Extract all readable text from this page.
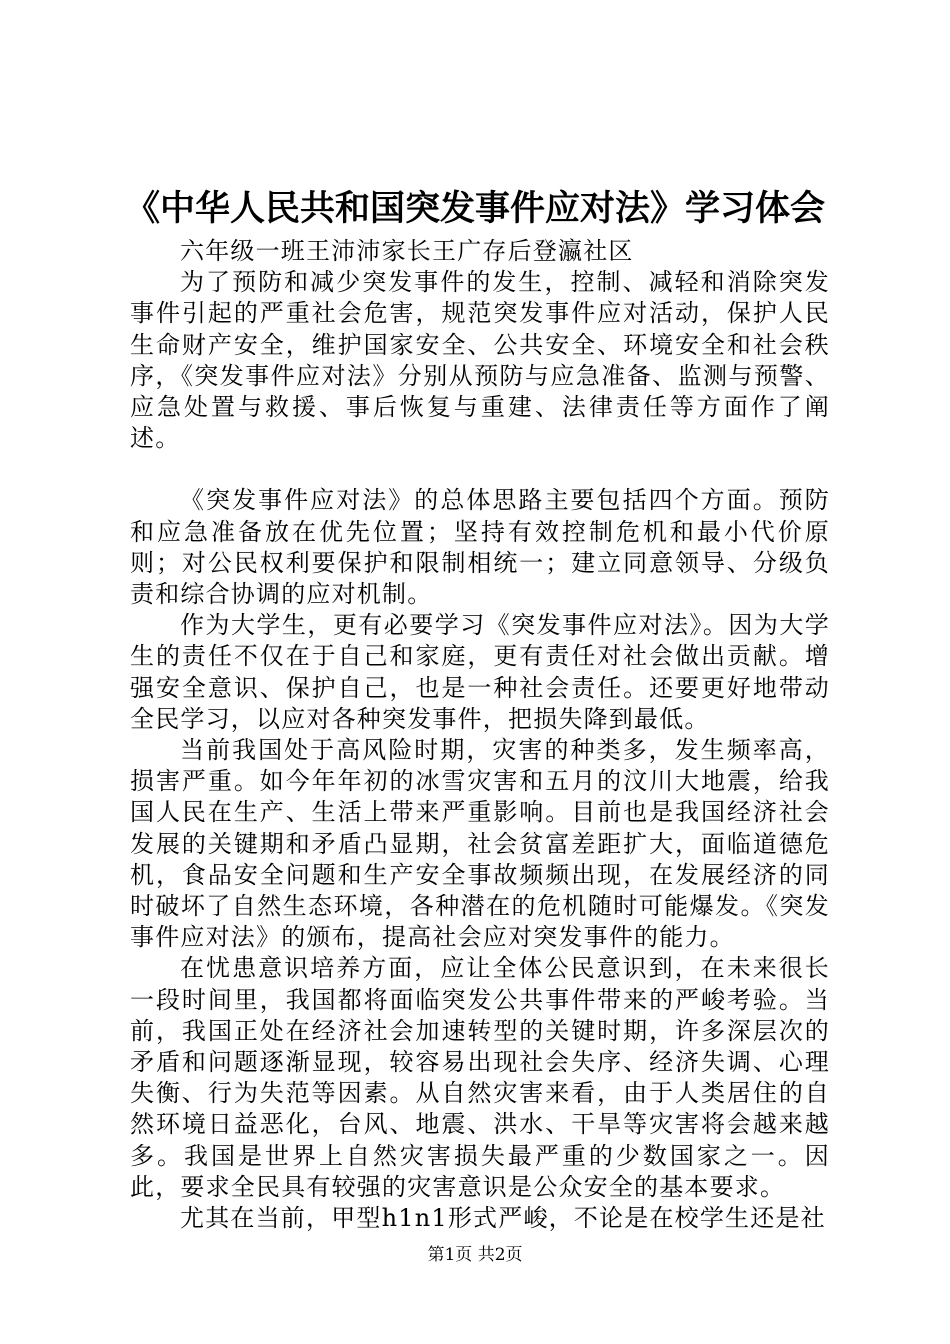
《中华人民共和国突发事件应对法》学习体会

六年级一班王沛沛家长王广存后登瀛社区

为了预防和减少突发事件的发生，控制、减轻和消除突发事件引起的严重社会危害，规范突发事件应对活动，保护人民生命财产安全，维护国家安全、公共安全、环境安全和社会秩序，《突发事件应对法》分别从预防与应急准备、监测与预警、应急处置与救援、事后恢复与重建、法律责任等方面作了阐述。

《突发事件应对法》的总体思路主要包括四个方面。预防和应急准备放在优先位置；坚持有效控制危机和最小代价原则；对公民权利要保护和限制相统一；建立同意领导、分级负责和综合协调的应对机制。

作为大学生，更有必要学习《突发事件应对法》。因为大学生的责任不仅在于自己和家庭，更有责任对社会做出贡献。增强安全意识、保护自己，也是一种社会责任。还要更好地带动全民学习，以应对各种突发事件，把损失降到最低。

当前我国处于高风险时期，灾害的种类多，发生频率高，损害严重。如今年年初的冰雪灾害和五月的汶川大地震，给我国人民在生产、生活上带来严重影响。目前也是我国经济社会发展的关键期和矛盾凸显期，社会贫富差距扩大，面临道德危机，食品安全问题和生产安全事故频频出现，在发展经济的同时破坏了自然生态环境，各种潜在的危机随时可能爆发。《突发事件应对法》的颁布，提高社会应对突发事件的能力。

在忧患意识培养方面，应让全体公民意识到，在未来很长一段时间里，我国都将面临突发公共事件带来的严峻考验。当前，我国正处在经济社会加速转型的关键时期，许多深层次的矛盾和问题逐渐显现，较容易出现社会失序、经济失调、心理失衡、行为失范等因素。从自然灾害来看，由于人类居住的自然环境日益恶化，台风、地震、洪水、干旱等灾害将会越来越多。我国是世界上自然灾害损失最严重的少数国家之一。因此，要求全民具有较强的灾害意识是公众安全的基本要求。

尤其在当前，甲型h1n1形式严峻，不论是在校学生还是社

第1页 共2页
